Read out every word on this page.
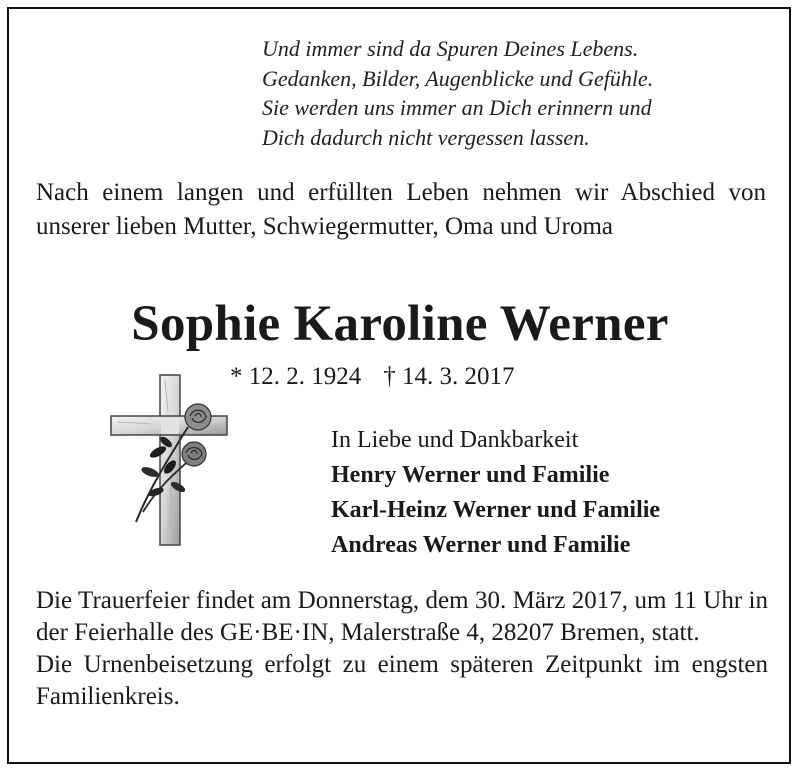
Und immer sind da Spuren Deines Lebens.
Gedanken, Bilder, Augenblicke und Gefühle.
Sie werden uns immer an Dich erinnern und
Dich dadurch nicht vergessen lassen.
Nach einem langen und erfüllten Leben nehmen wir Abschied von unserer lieben Mutter, Schwiegermutter, Oma und Uroma
Sophie Karoline Werner
* 12. 2. 1924 † 14. 3. 2017
In Liebe und Dankbarkeit
Henry Werner und Familie
Karl-Heinz Werner und Familie
Andreas Werner und Familie

Die Trauerfeier findet am Donnerstag, dem 30. März 2017, um 11 Uhr in der Feierhalle des GE·BE·IN, Malerstraße 4, 28207 Bremen, statt.

Die Urnenbeisetzung erfolgt zu einem späteren Zeitpunkt im engsten Familienkreis.
